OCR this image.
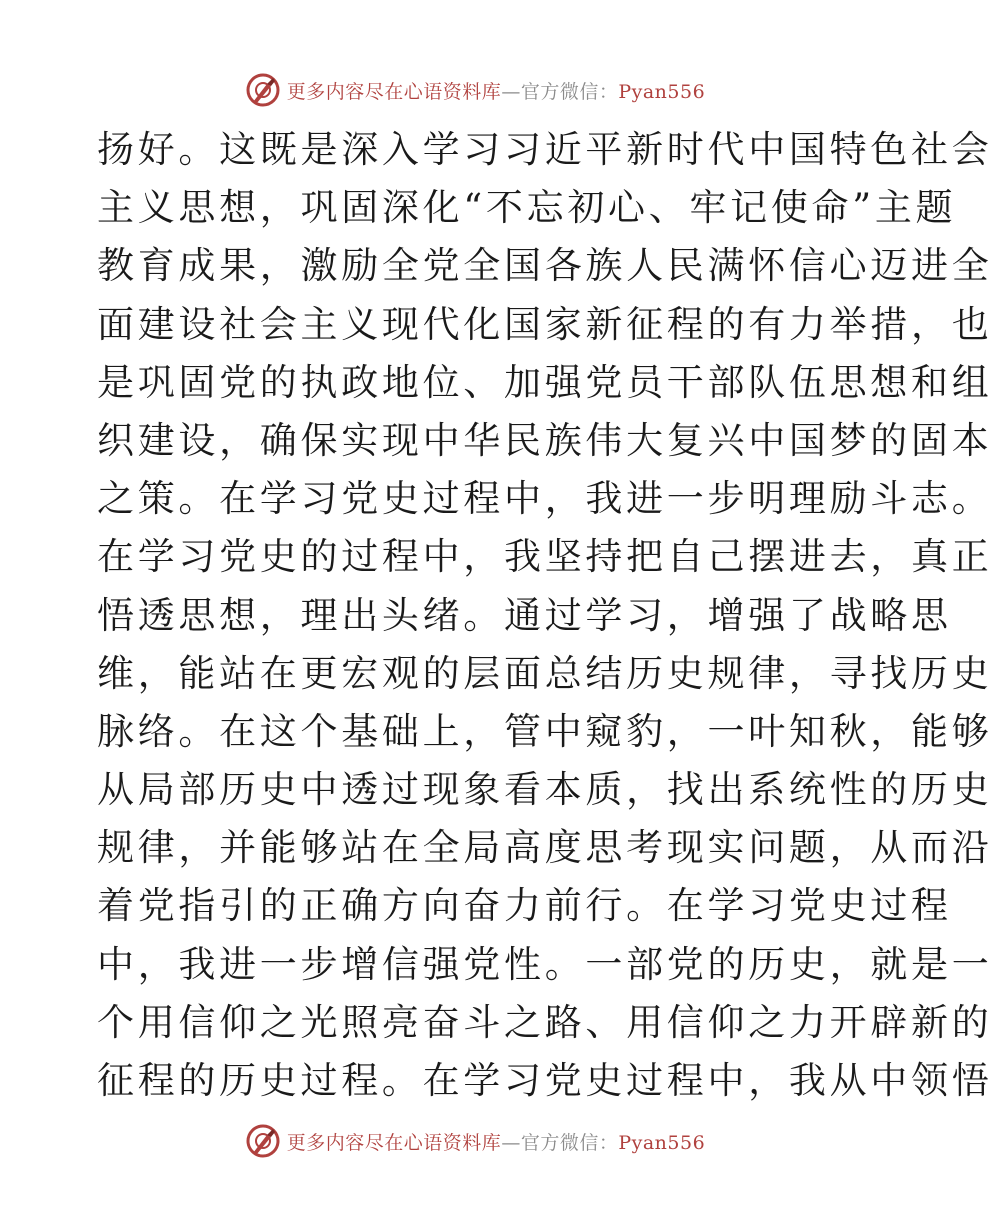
更多内容尽在心语资料库—官方微信：Pyan556
扬好。这既是深入学习习近平新时代中国特色社会
主义思想，巩固深化“不忘初心、牢记使命”主题
教育成果，激励全党全国各族人民满怀信心迈进全
面建设社会主义现代化国家新征程的有力举措，也
是巩固党的执政地位、加强党员干部队伍思想和组
织建设，确保实现中华民族伟大复兴中国梦的固本
之策。在学习党史过程中，我进一步明理励斗志。
在学习党史的过程中，我坚持把自己摆进去，真正
悟透思想，理出头绪。通过学习，增强了战略思
维，能站在更宏观的层面总结历史规律，寻找历史
脉络。在这个基础上，管中窥豹，一叶知秋，能够
从局部历史中透过现象看本质，找出系统性的历史
规律，并能够站在全局高度思考现实问题，从而沿
着党指引的正确方向奋力前行。在学习党史过程
中，我进一步增信强党性。一部党的历史，就是一
个用信仰之光照亮奋斗之路、用信仰之力开辟新的
征程的历史过程。在学习党史过程中，我从中领悟
更多内容尽在心语资料库—官方微信：Pyan556
